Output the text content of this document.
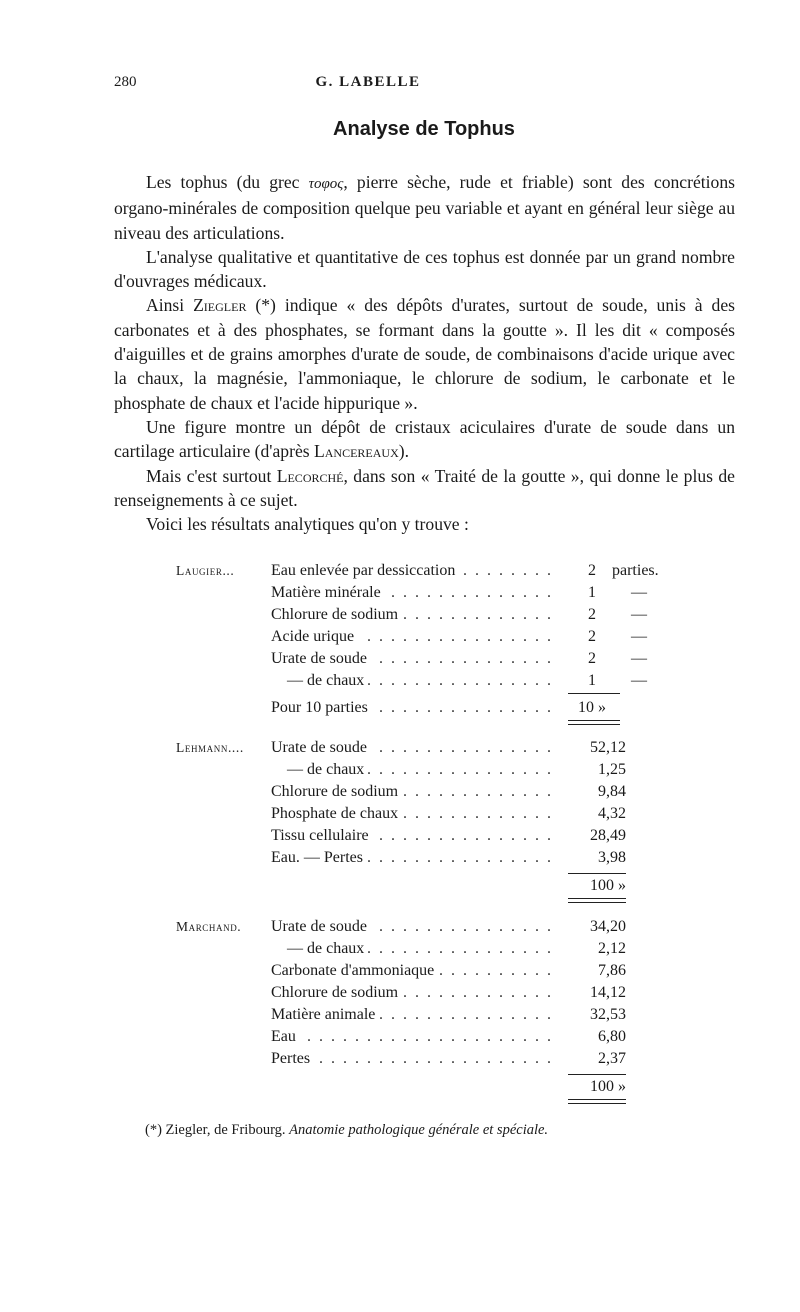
280	G. LABELLE
Analyse de Tophus

Les tophus (du grec τοφος, pierre sèche, rude et friable) sont des concrétions organo-minérales de composition quelque peu variable et ayant en général leur siège au niveau des articulations.

L'analyse qualitative et quantitative de ces tophus est donnée par un grand nombre d'ouvrages médicaux.

Ainsi Ziegler (*) indique « des dépôts d'urates, surtout de soude, unis à des carbonates et à des phosphates, se formant dans la goutte ». Il les dit « composés d'aiguilles et de grains amorphes d'urate de soude, de combinaisons d'acide urique avec la chaux, la magnésie, l'ammoniaque, le chlorure de sodium, le carbonate et le phosphate de chaux et l'acide hippurique ».

Une figure montre un dépôt de cristaux aciculaires d'urate de soude dans un cartilage articulaire (d'après Lancereaux).

Mais c'est surtout Lecorché, dans son « Traité de la goutte », qui donne le plus de renseignements à ce sujet.

Voici les résultats analytiques qu'on y trouve :

Laugier... Eau enlevée par dessiccation . . .	2 parties.
Matière minérale . . .	1 —
Chlorure de sodium . . .	2 —
Acide urique . . .	2 —
Urate de soude . . .	2 —
— de chaux . . .	1 —
Pour 10 parties . . .	10 »
Lehmann.... Urate de soude . . .	52,12
— de chaux . . .	1,25
Chlorure de sodium . . .	9,84
Phosphate de chaux . . .	4,32
Tissu cellulaire . . .	28,49
Eau. — Pertes . . .	3,98
100 »
Marchand. Urate de soude . . .	34,20
— de chaux . . .	2,12
Carbonate d'ammoniaque . . .	7,86
Chlorure de sodium . . .	14,12
Matière animale . . .	32,53
Eau . . .	6,80
Pertes . . .	2,37
100 »
(*) Ziegler, de Fribourg. Anatomie pathologique générale et spéciale.
